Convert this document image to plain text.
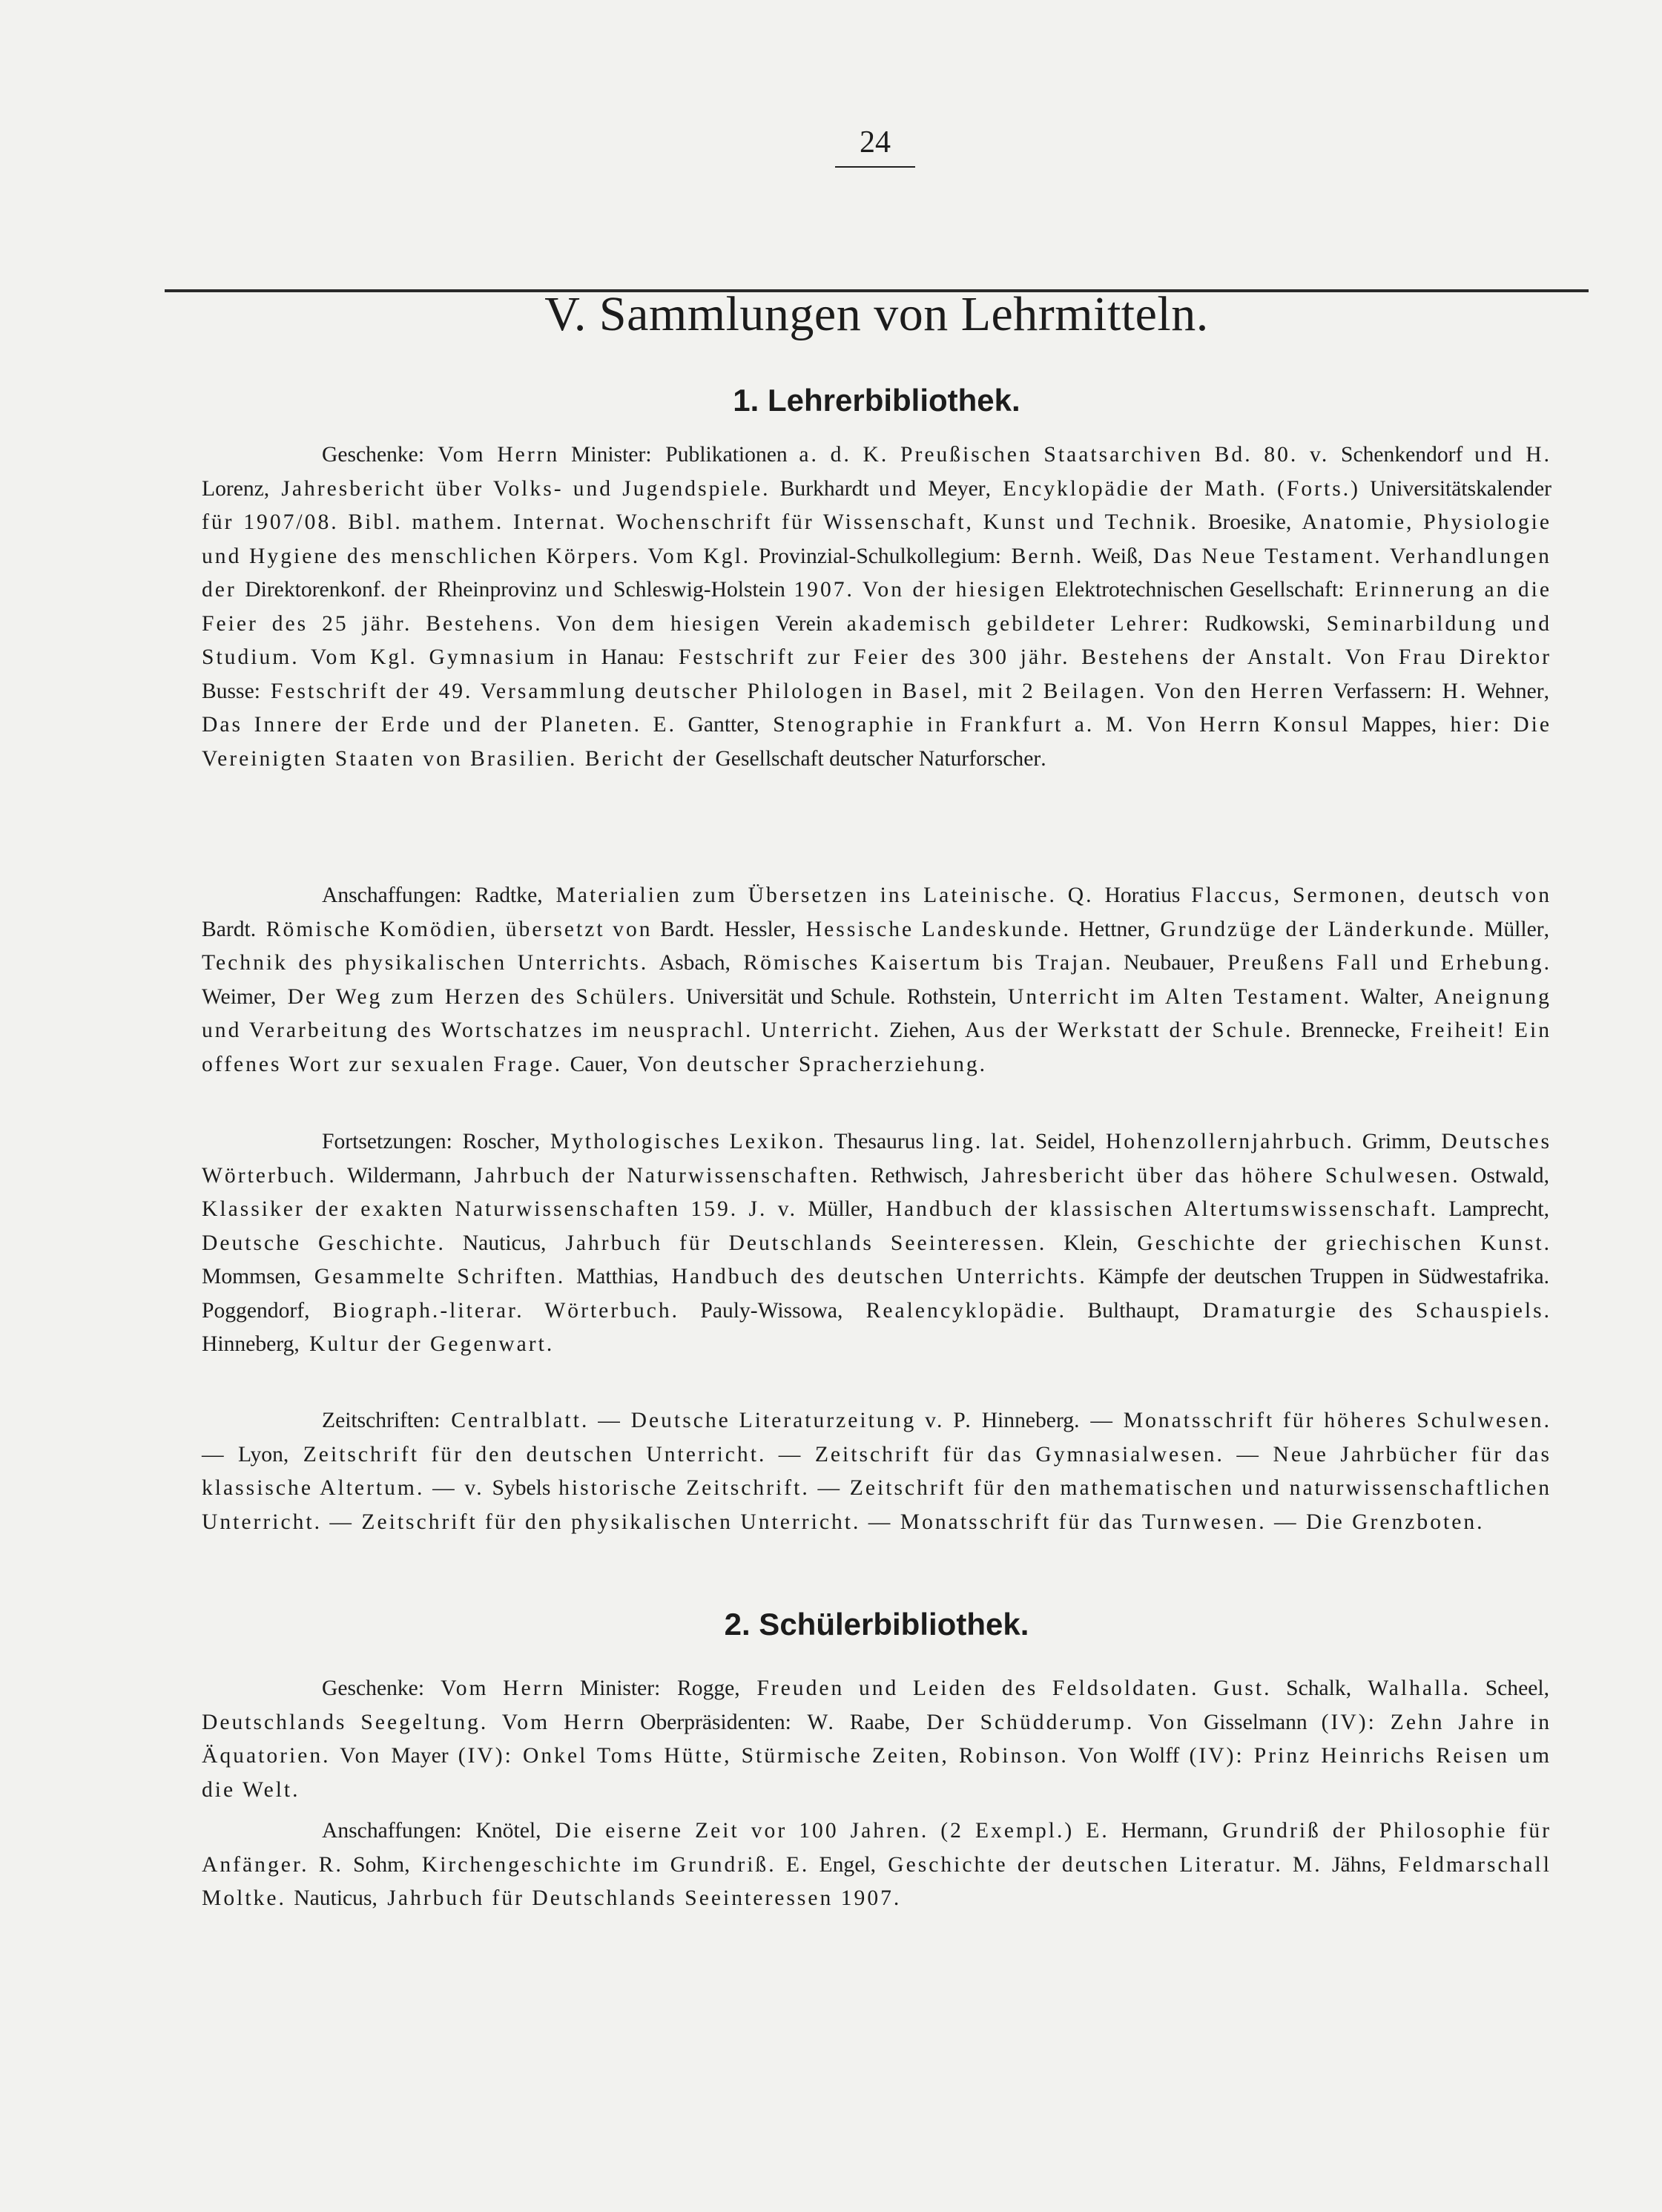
24
V. Sammlungen von Lehrmitteln.
1. Lehrerbibliothek.

Geschenke: Vom Herrn Minister: Publikationen a. d. K. Preußischen Staatsarchiven Bd. 80. v. Schenkendorf und H. Lorenz, Jahresbericht über Volks- und Jugendspiele. Burkhardt und Meyer, Encyklopädie der Math. (Forts.) Universitätskalender für 1907/08. Bibl. mathem. Internat. Wochenschrift für Wissenschaft, Kunst und Technik. Broesike, Anatomie, Physiologie und Hygiene des menschlichen Körpers. Vom Kgl. Provinzial-Schulkollegium: Bernh. Weiß, Das Neue Testament. Verhandlungen der Direktorenkonf. der Rheinprovinz und Schleswig-Holstein 1907. Von der hiesigen Elektrotechnischen Gesellschaft: Erinnerung an die Feier des 25 jähr. Bestehens. Von dem hiesigen Verein akademisch gebildeter Lehrer: Rudkowski, Seminarbildung und Studium. Vom Kgl. Gymnasium in Hanau: Festschrift zur Feier des 300 jähr. Bestehens der Anstalt. Von Frau Direktor Busse: Festschrift der 49. Versammlung deutscher Philologen in Basel, mit 2 Beilagen. Von den Herren Verfassern: H. Wehner, Das Innere der Erde und der Planeten. E. Gantter, Stenographie in Frankfurt a. M. Von Herrn Konsul Mappes, hier: Die Vereinigten Staaten von Brasilien. Bericht der Gesellschaft deutscher Naturforscher.

Anschaffungen: Radtke, Materialien zum Übersetzen ins Lateinische. Q. Horatius Flaccus, Sermonen, deutsch von Bardt. Römische Komödien, übersetzt von Bardt. Hessler, Hessische Landeskunde. Hettner, Grundzüge der Länderkunde. Müller, Technik des physikalischen Unterrichts. Asbach, Römisches Kaisertum bis Trajan. Neubauer, Preußens Fall und Erhebung. Weimer, Der Weg zum Herzen des Schülers. Universität und Schule. Rothstein, Unterricht im Alten Testament. Walter, Aneignung und Verarbeitung des Wortschatzes im neusprachl. Unterricht. Ziehen, Aus der Werkstatt der Schule. Brennecke, Freiheit! Ein offenes Wort zur sexualen Frage. Cauer, Von deutscher Spracherziehung.

Fortsetzungen: Roscher, Mythologisches Lexikon. Thesaurus ling. lat. Seidel, Hohenzollernjahrbuch. Grimm, Deutsches Wörterbuch. Wildermann, Jahrbuch der Naturwissenschaften. Rethwisch, Jahresbericht über das höhere Schulwesen. Ostwald, Klassiker der exakten Naturwissenschaften 159. J. v. Müller, Handbuch der klassischen Altertumswissenschaft. Lamprecht, Deutsche Geschichte. Nauticus, Jahrbuch für Deutschlands Seeinteressen. Klein, Geschichte der griechischen Kunst. Mommsen, Gesammelte Schriften. Matthias, Handbuch des deutschen Unterrichts. Kämpfe der deutschen Truppen in Südwestafrika. Poggendorf, Biograph.-literar. Wörterbuch. Pauly-Wissowa, Realencyklopädie. Bulthaupt, Dramaturgie des Schauspiels. Hinneberg, Kultur der Gegenwart.

Zeitschriften: Centralblatt. — Deutsche Literaturzeitung v. P. Hinneberg. — Monatsschrift für höheres Schulwesen. — Lyon, Zeitschrift für den deutschen Unterricht. — Zeitschrift für das Gymnasialwesen. — Neue Jahrbücher für das klassische Altertum. — v. Sybels historische Zeitschrift. — Zeitschrift für den mathematischen und naturwissenschaftlichen Unterricht. — Zeitschrift für den physikalischen Unterricht. — Monatsschrift für das Turnwesen. — Die Grenzboten.

2. Schülerbibliothek.

Geschenke: Vom Herrn Minister: Rogge, Freuden und Leiden des Feldsoldaten. Gust. Schalk, Walhalla. Scheel, Deutschlands Seegeltung. Vom Herrn Oberpräsidenten: W. Raabe, Der Schüdderump. Von Gisselmann (IV): Zehn Jahre in Äquatorien. Von Mayer (IV): Onkel Toms Hütte, Stürmische Zeiten, Robinson. Von Wolff (IV): Prinz Heinrichs Reisen um die Welt.

Anschaffungen: Knötel, Die eiserne Zeit vor 100 Jahren. (2 Exempl.) E. Hermann, Grundriß der Philosophie für Anfänger. R. Sohm, Kirchengeschichte im Grundriß. E. Engel, Geschichte der deutschen Literatur. M. Jähns, Feldmarschall Moltke. Nauticus, Jahrbuch für Deutschlands Seeinteressen 1907.
